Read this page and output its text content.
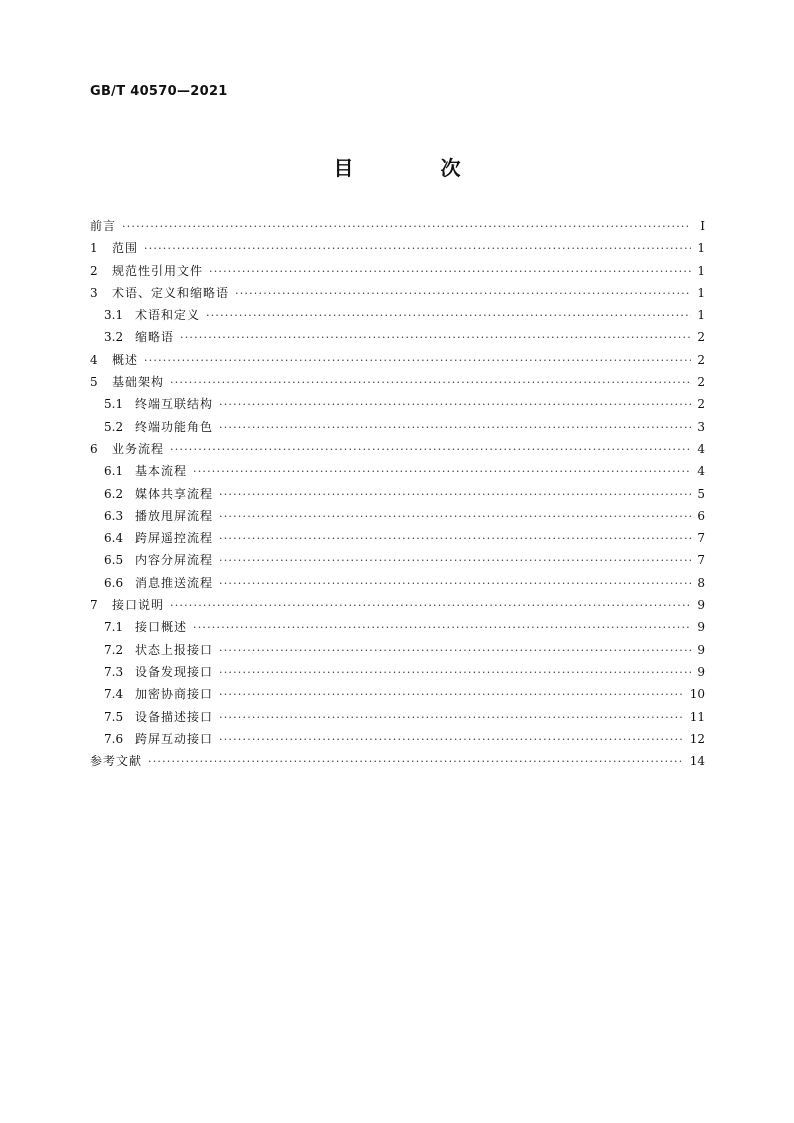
GB/T 40570—2021
目 次
前言 ·····	Ⅰ
1	范围 ·····	1
2	规范性引用文件 ·····	1
3	术语、定义和缩略语 ·····	1
3.1 术语和定义 ·····	1
3.2 缩略语 ·····	2
4	概述 ·····	2
5	基础架构 ·····	2
5.1 终端互联结构 ·····	2
5.2 终端功能角色 ·····	3
6	业务流程 ·····	4
6.1 基本流程 ·····	4
6.2 媒体共享流程 ·····	5
6.3 播放甩屏流程 ·····	6
6.4 跨屏遥控流程 ·····	7
6.5 内容分屏流程 ·····	7
6.6 消息推送流程 ·····	8
7	接口说明 ·····	9
7.1 接口概述 ·····	9
7.2 状态上报接口 ·····	9
7.3 设备发现接口 ·····	9
7.4 加密协商接口 ·····	10
7.5 设备描述接口 ·····	11
7.6 跨屏互动接口 ·····	12
参考文献 ·····	14
